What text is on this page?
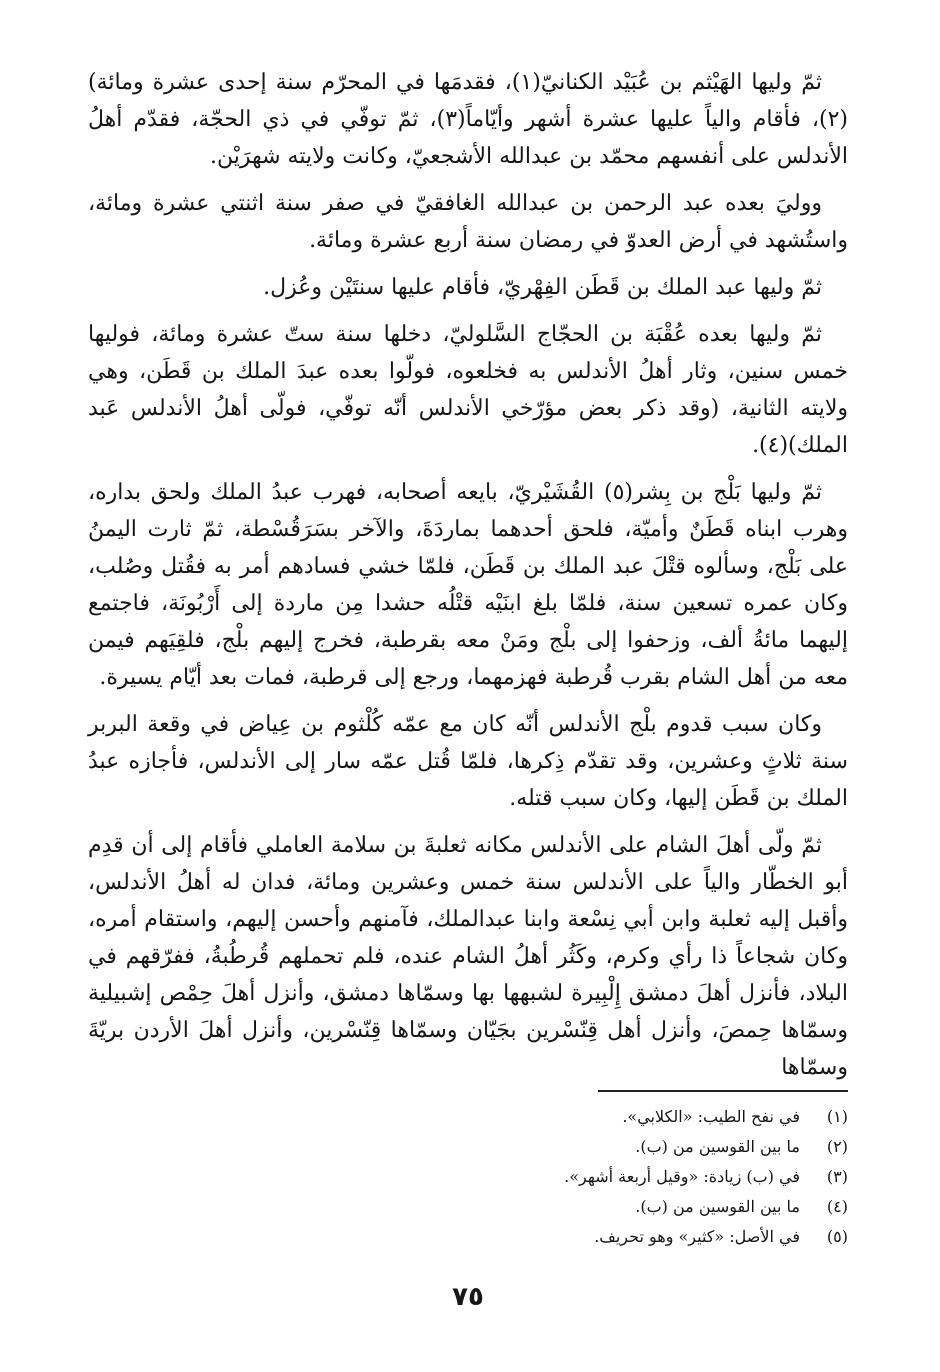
ثمّ وليها الهَيْثم بن عُبَيْد الكنانيّ(١)، فقدمَها في المحرّم سنة إحدى عشرة ومائة)(٢)، فأقام والياً عليها عشرة أشهر وأيّاماً(٣)، ثمّ توفّي في ذي الحجّة، فقدّم أهلُ الأندلس على أنفسهم محمّد بن عبدالله الأشجعيّ، وكانت ولايته شهرَيْن.

ووليَ بعده عبد الرحمن بن عبدالله الغافقيّ في صفر سنة اثنتي عشرة ومائة، واستُشهد في أرض العدوّ في رمضان سنة أربع عشرة ومائة.

ثمّ وليها عبد الملك بن قَطَن الفِهْريّ، فأقام عليها سنتَيْن وعُزل.

ثمّ وليها بعده عُقْبَة بن الحجّاج السَّلوليّ، دخلها سنة ستّ عشرة ومائة، فوليها خمس سنين، وثار أهلُ الأندلس به فخلعوه، فولّوا بعده عبدَ الملك بن قَطَن، وهي ولايته الثانية، (وقد ذكر بعض مؤرّخي الأندلس أنّه توفّي، فولّى أهلُ الأندلس عَبد الملك)(٤).

ثمّ وليها بَلْج بن بِشر(٥) القُشَيْريّ، بايعه أصحابه، فهرب عبدُ الملك ولحق بداره، وهرب ابناه قَطَنٌ وأميّة، فلحق أحدهما بماردَةَ، والآخر بسَرَقُسْطة، ثمّ ثارت اليمنُ على بَلْج، وسألوه قتْلَ عبد الملك بن قَطَن، فلمّا خشي فسادهم أمر به فقُتل وصُلب، وكان عمره تسعين سنة، فلمّا بلغ ابنَيْه قتْلُه حشدا مِن ماردة إلى أَرْبُونَة، فاجتمع إليهما مائةُ ألف، وزحفوا إلى بلْج ومَنْ معه بقرطبة، فخرج إليهم بلْج، فلقِيَهم فيمن معه من أهل الشام بقرب قُرطبة فهزمهما، ورجع إلى قرطبة، فمات بعد أيّام يسيرة.

وكان سبب قدوم بلْج الأندلس أنّه كان مع عمّه كُلْثوم بن عِياض في وقعة البربر سنة ثلاثٍ وعشرين، وقد تقدّم ذِكرها، فلمّا قُتل عمّه سار إلى الأندلس، فأجازه عبدُ الملك بن قَطَن إليها، وكان سبب قتله.

ثمّ ولّى أهلَ الشام على الأندلس مكانه ثعلبةَ بن سلامة العاملي فأقام إلى أن قدِم أبو الخطّار والياً على الأندلس سنة خمس وعشرين ومائة، فدان له أهلُ الأندلس، وأقبل إليه ثعلبة وابن أبي نِسْعة وابنا عبدالملك، فآمنهم وأحسن إليهم، واستقام أمره، وكان شجاعاً ذا رأي وكرم، وكَثُر أهلُ الشام عنده، فلم تحملهم قُرطُبةُ، ففرّقهم في البلاد، فأنزل أهلَ دمشق إِلْبِيرة لشبهها بها وسمّاها دمشق، وأنزل أهلَ حِمْص إشبيلية وسمّاها حِمصَ، وأنزل أهل قِنّسْرين بجَيّان وسمّاها قِنّسْرين، وأنزل أهلَ الأردن بريّةَ وسمّاها

(١)
في نفح الطيب: «الكلابي».
(٢)
ما بين القوسين من (ب).
(٣)
في (ب) زيادة: «وقيل أربعة أشهر».
(٤)
ما بين القوسين من (ب).
(٥)
في الأصل: «كثير» وهو تحريف.
٧٥
